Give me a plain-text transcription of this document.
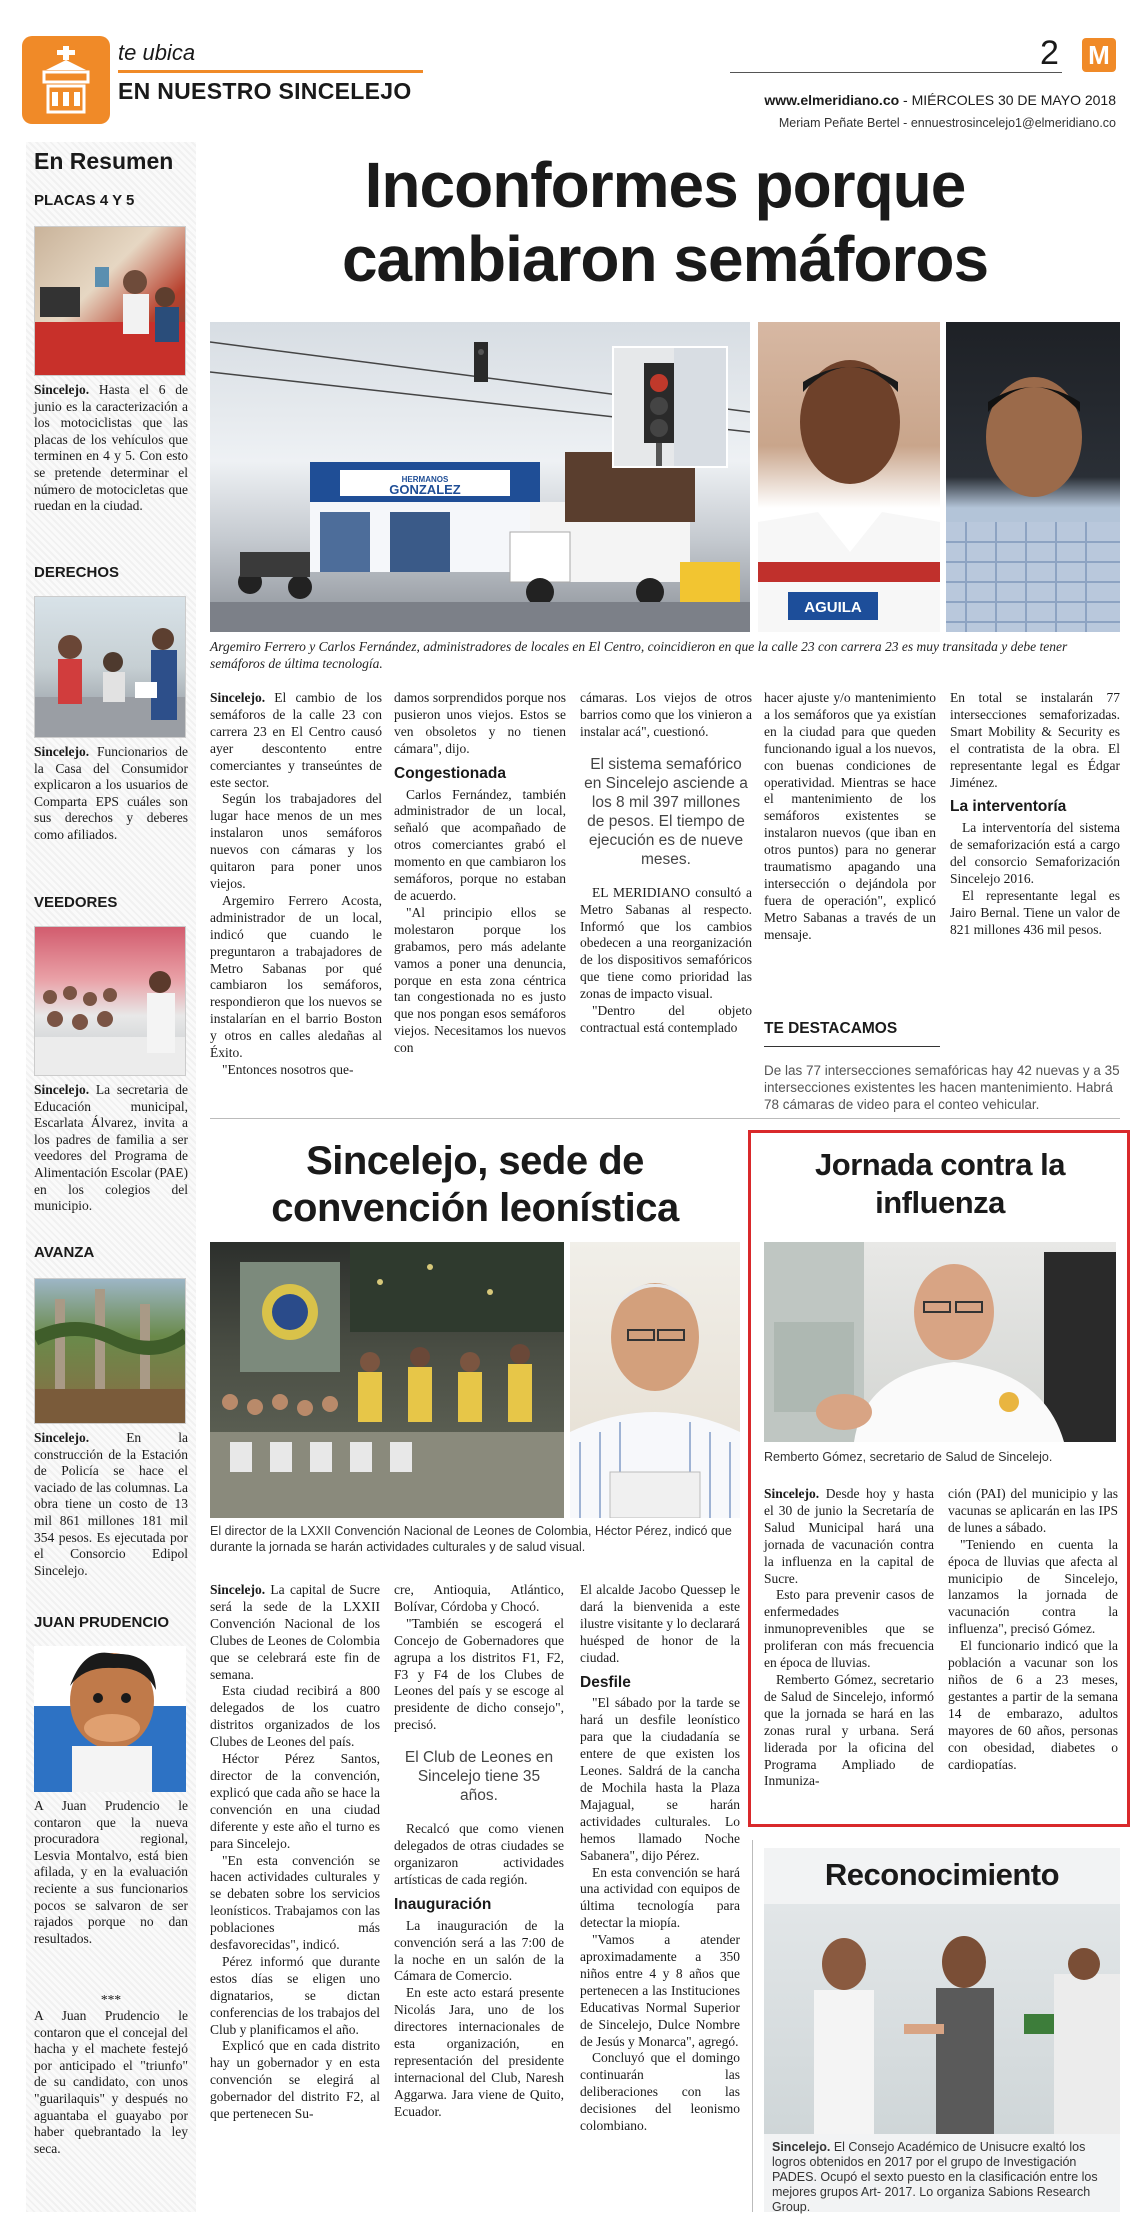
te ubica
EN NUESTRO SINCELEJO
2 M
www.elmeridiano.co - MIÉRCOLES 30 DE MAYO 2018
Meriam Peñate Bertel - ennuestrosincelejo1@elmeridiano.co
En Resumen
PLACAS 4 Y 5
Sincelejo. Hasta el 6 de junio es la caracterización a los motociclistas que las placas de los vehículos que terminen en 4 y 5. Con esto se pretende determinar el número de motocicletas que ruedan en la ciudad.
DERECHOS
Sincelejo. Funcionarios de la Casa del Consumidor explicaron a los usuarios de Comparta EPS cuáles son sus derechos y deberes como afiliados.
VEEDORES
Sincelejo. La secretaria de Educación municipal, Escarlata Álvarez, invita a los padres de familia a ser veedores del Programa de Alimentación Escolar (PAE) en los colegios del municipio.
AVANZA
Sincelejo. En la construcción de la Estación de Policía se hace el vaciado de las columnas. La obra tiene un costo de 13 mil 861 millones 181 mil 354 pesos. Es ejecutada por el Consorcio Edipol Sincelejo.
JUAN PRUDENCIO
A Juan Prudencio le contaron que la nueva procuradora regional, Lesvia Montalvo, está bien afilada, y en la evaluación reciente a sus funcionarios pocos se salvaron de ser rajados porque no dan resultados.
***
A Juan Prudencio le contaron que el concejal del hacha y el machete festejó por anticipado el "triunfo" de su candidato, con unos "guarilaquis" y después no aguantaba el guayabo por haber quebrantado la ley seca.
Inconformes porque cambiaron semáforos
HERMANOS
GONZALEZ
AGUILA
Argemiro Ferrero y Carlos Fernández, administradores de locales en El Centro, coincidieron en que la calle 23 con carrera 23 es muy transitada y debe tener semáforos de última tecnología.

Sincelejo. El cambio de los semáforos de la calle 23 con carrera 23 en El Centro causó ayer descontento entre comerciantes y transeúntes de este sector.

Según los trabajadores del lugar hace menos de un mes instalaron unos semáforos nuevos con cámaras y los quitaron para poner unos viejos.

Argemiro Ferrero Acosta, administrador de un local, indicó que cuando le preguntaron a trabajadores de Metro Sabanas por qué cambiaron los semáforos, respondieron que los nuevos se instalarían en el barrio Boston y otros en calles aledañas al Éxito.

"Entonces nosotros que-

damos sorprendidos porque nos pusieron unos viejos. Estos se ven obsoletos y no tienen cámara", dijo.

Congestionada

Carlos Fernández, también administrador de un local, señaló que acompañado de otros comerciantes grabó el momento en que cambiaron los semáforos, porque no estaban de acuerdo.

"Al principio ellos se molestaron porque los grabamos, pero más adelante vamos a poner una denuncia, porque en esta zona céntrica tan congestionada no es justo que nos pongan esos semáforos viejos. Necesitamos los nuevos con

cámaras. Los viejos de otros barrios como que los vinieron a instalar acá", cuestionó.

El sistema semafórico en Sincelejo asciende a los 8 mil 397 millones de pesos. El tiempo de ejecución es de nueve meses.

EL MERIDIANO consultó a Metro Sabanas al respecto. Informó que los cambios obedecen a una reorganización de los dispositivos semafóricos que tiene como prioridad las zonas de impacto visual.

"Dentro del objeto contractual está contemplado

hacer ajuste y/o mantenimiento a los semáforos que ya existían en la ciudad para que queden funcionando igual a los nuevos, con buenas condiciones de operatividad. Mientras se hace el mantenimiento de los semáforos existentes se instalaron nuevos (que iban en otros puntos) para no generar traumatismo apagando una intersección o dejándola por fuera de operación", explicó Metro Sabanas a través de un mensaje.

En total se instalarán 77 intersecciones semaforizadas. Smart Mobility & Security es el contratista de la obra. El representante legal es Édgar Jiménez.

La interventoría

La interventoría del sistema de semaforización está a cargo del consorcio Semaforización Sincelejo 2016.

El representante legal es Jairo Bernal. Tiene un valor de 821 millones 436 mil pesos.

TE DESTACAMOS
De las 77 intersecciones semafóricas hay 42 nuevas y a 35 intersecciones existentes les hacen mantenimiento. Habrá 78 cámaras de video para el conteo vehicular.
Sincelejo, sede de convención leonística
El director de la LXXII Convención Nacional de Leones de Colombia, Héctor Pérez, indicó que durante la jornada se harán actividades culturales y de salud visual.

Sincelejo. La capital de Sucre será la sede de la LXXII Convención Nacional de los Clubes de Leones de Colombia que se celebrará este fin de semana.

Esta ciudad recibirá a 800 delegados de los cuatro distritos organizados de los Clubes de Leones del país.

Héctor Pérez Santos, director de la convención, explicó que cada año se hace la convención en una ciudad diferente y este año el turno es para Sincelejo.

"En esta convención se hacen actividades culturales y se debaten sobre los servicios leonísticos. Trabajamos con las poblaciones más desfavorecidas", indicó.

Pérez informó que durante estos días se eligen uno dignatarios, se dictan conferencias de los trabajos del Club y planificamos el año.

Explicó que en cada distrito hay un gobernador y en esta convención se elegirá al gobernador del distrito F2, al que pertenecen Su-

cre, Antioquia, Atlántico, Bolívar, Córdoba y Chocó.

"También se escogerá el Concejo de Gobernadores que agrupa a los distritos F1, F2, F3 y F4 de los Clubes de Leones del país y se escoge al presidente de dicho consejo", precisó.

El Club de Leones en Sincelejo tiene 35 años.

Recalcó que como vienen delegados de otras ciudades se organizaron actividades artísticas de cada región.

Inauguración

La inauguración de la convención será a las 7:00 de la noche en un salón de la Cámara de Comercio.

En este acto estará presente Nicolás Jara, uno de los directores internacionales de esta organización, en representación del presidente internacional del Club, Naresh Aggarwa. Jara viene de Quito, Ecuador.

El alcalde Jacobo Quessep le dará la bienvenida a este ilustre visitante y lo declarará huésped de honor de la ciudad.

Desfile

"El sábado por la tarde se hará un desfile leonístico para que la ciudadanía se entere de que existen los Leones. Saldrá de la cancha de Mochila hasta la Plaza Majagual, se harán actividades culturales. Lo hemos llamado Noche Sabanera", dijo Pérez.

En esta convención se hará una actividad con equipos de última tecnología para detectar la miopía.

"Vamos a atender aproximadamente a 350 niños entre 4 y 8 años que pertenecen a las Instituciones Educativas Normal Superior de Sincelejo, Dulce Nombre de Jesús y Monarca", agregó.

Concluyó que el domingo continuarán las deliberaciones con las decisiones del leonismo colombiano.

Jornada contra la influenza
Remberto Gómez, secretario de Salud de Sincelejo.

Sincelejo. Desde hoy y hasta el 30 de junio la Secretaría de Salud Municipal hará una jornada de vacunación contra la influenza en la capital de Sucre.

Esto para prevenir casos de enfermedades inmunoprevenibles que se proliferan con más frecuencia en época de lluvias.

Remberto Gómez, secretario de Salud de Sincelejo, informó que la jornada se hará en las zonas rural y urbana. Será liderada por la oficina del Programa Ampliado de Inmuniza-

ción (PAI) del municipio y las vacunas se aplicarán en las IPS de lunes a sábado.

"Teniendo en cuenta la época de lluvias que afecta al municipio de Sincelejo, lanzamos la jornada de vacunación contra la influenza", precisó Gómez.

El funcionario indicó que la población a vacunar son los niños de 6 a 23 meses, gestantes a partir de la semana 14 de embarazo, adultos mayores de 60 años, personas con obesidad, diabetes o cardiopatías.

Reconocimiento
Sincelejo. El Consejo Académico de Unisucre exaltó los logros obtenidos en 2017 por el grupo de Investigación PADES. Ocupó el sexto puesto en la clasificación entre los mejores grupos Art- 2017. Lo organiza Sabions Research Group.
